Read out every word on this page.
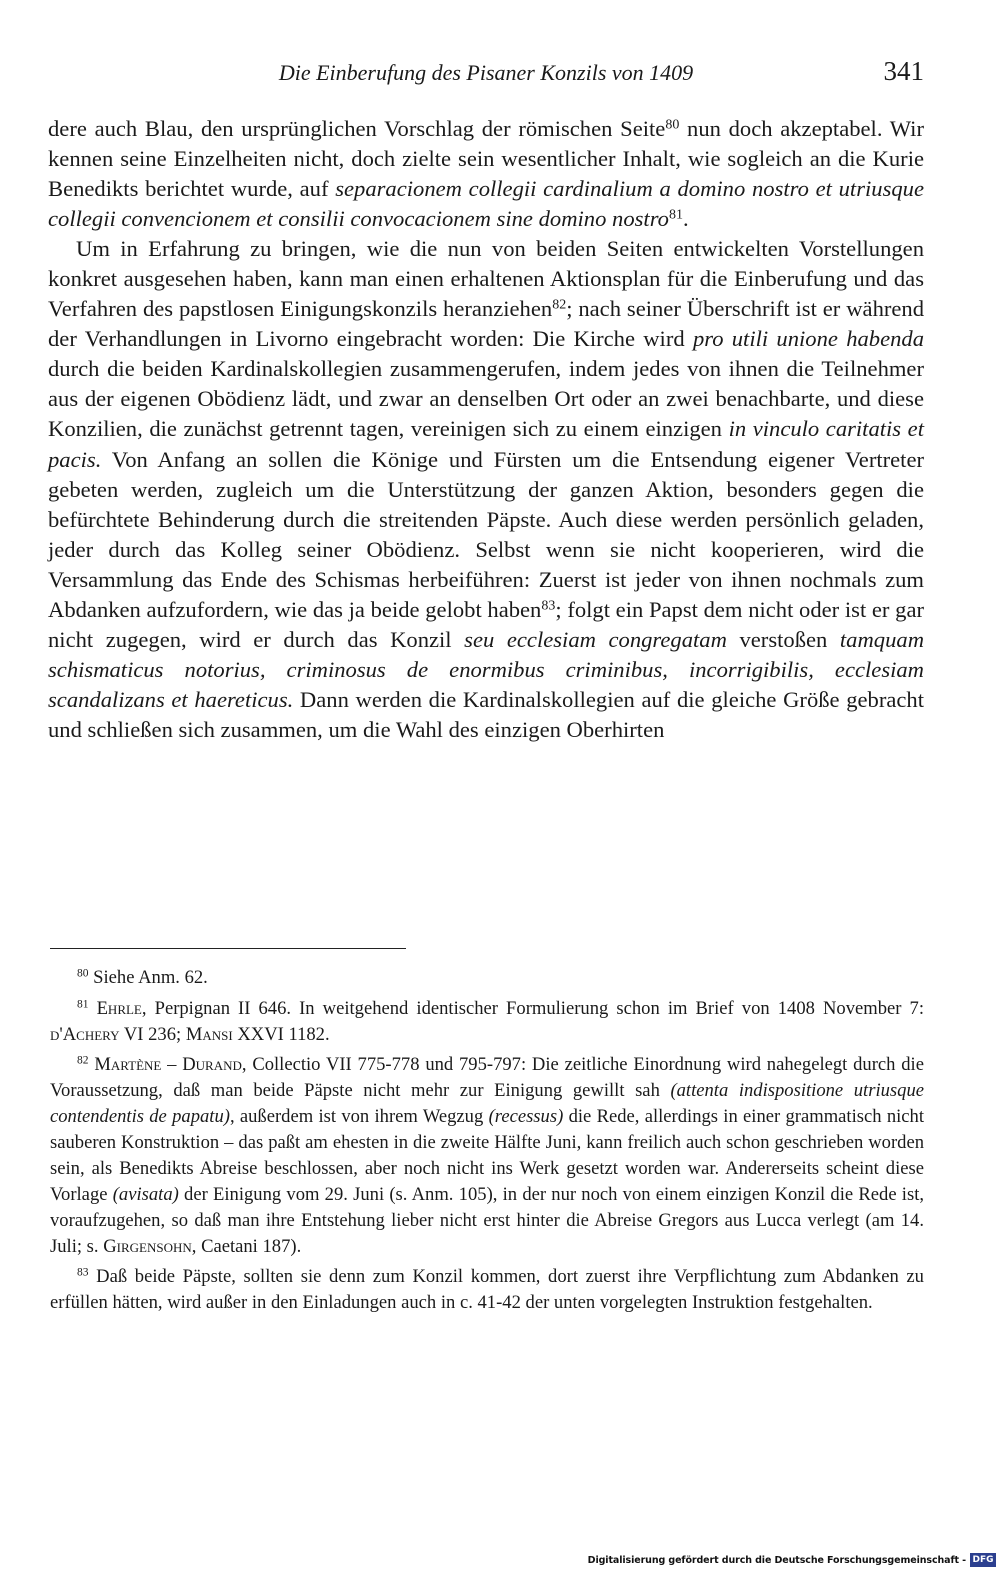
Die Einberufung des Pisaner Konzils von 1409	341

dere auch Blau, den ursprünglichen Vorschlag der römischen Seite$^{80}$ nun doch akzeptabel. Wir kennen seine Einzelheiten nicht, doch zielte sein wesentlicher Inhalt, wie sogleich an die Kurie Benedikts berichtet wurde, auf separacionem collegii cardinalium a domino nostro et utriusque collegii convencionem et consilii convocacionem sine domino nostro$^{81}$.

Um in Erfahrung zu bringen, wie die nun von beiden Seiten entwickelten Vorstellungen konkret ausgesehen haben, kann man einen erhaltenen Aktionsplan für die Einberufung und das Verfahren des papstlosen Einigungskonzils heranziehen$^{82}$; nach seiner Überschrift ist er während der Verhandlungen in Livorno eingebracht worden: Die Kirche wird pro utili unione habenda durch die beiden Kardinalskollegien zusammengerufen, indem jedes von ihnen die Teilnehmer aus der eigenen Obödienz lädt, und zwar an denselben Ort oder an zwei benachbarte, und diese Konzilien, die zunächst getrennt tagen, vereinigen sich zu einem einzigen in vinculo caritatis et pacis. Von Anfang an sollen die Könige und Fürsten um die Entsendung eigener Vertreter gebeten werden, zugleich um die Unterstützung der ganzen Aktion, besonders gegen die befürchtete Behinderung durch die streitenden Päpste. Auch diese werden persönlich geladen, jeder durch das Kolleg seiner Obödienz. Selbst wenn sie nicht kooperieren, wird die Versammlung das Ende des Schismas herbeiführen: Zuerst ist jeder von ihnen nochmals zum Abdanken aufzufordern, wie das ja beide gelobt haben$^{83}$; folgt ein Papst dem nicht oder ist er gar nicht zugegen, wird er durch das Konzil seu ecclesiam congregatam verstoßen tamquam schismaticus notorius, criminosus de enormibus criminibus, incorrigibilis, ecclesiam scandalizans et haereticus. Dann werden die Kardinalskollegien auf die gleiche Größe gebracht und schließen sich zusammen, um die Wahl des einzigen Oberhirten

$^{80}$ Siehe Anm. 62.

$^{81}$ Ehrle, Perpignan II 646. In weitgehend identischer Formulierung schon im Brief von 1408 November 7: d'Achery VI 236; Mansi XXVI 1182.

$^{82}$ Martène – Durand, Collectio VII 775-778 und 795-797: Die zeitliche Einordnung wird nahegelegt durch die Voraussetzung, daß man beide Päpste nicht mehr zur Einigung gewillt sah (attenta indispositione utriusque contendentis de papatu), außerdem ist von ihrem Wegzug (recessus) die Rede, allerdings in einer grammatisch nicht sauberen Konstruktion – das paßt am ehesten in die zweite Hälfte Juni, kann freilich auch schon geschrieben worden sein, als Benedikts Abreise beschlossen, aber noch nicht ins Werk gesetzt worden war. Andererseits scheint diese Vorlage (avisata) der Einigung vom 29. Juni (s. Anm. 105), in der nur noch von einem einzigen Konzil die Rede ist, voraufzugehen, so daß man ihre Entstehung lieber nicht erst hinter die Abreise Gregors aus Lucca verlegt (am 14. Juli; s. Girgensohn, Caetani 187).

$^{83}$ Daß beide Päpste, sollten sie denn zum Konzil kommen, dort zuerst ihre Verpflichtung zum Abdanken zu erfüllen hätten, wird außer in den Einladungen auch in c. 41-42 der unten vorgelegten Instruktion festgehalten.

Digitalisierung gefördert durch die Deutsche Forschungsgemeinschaft - DFG
